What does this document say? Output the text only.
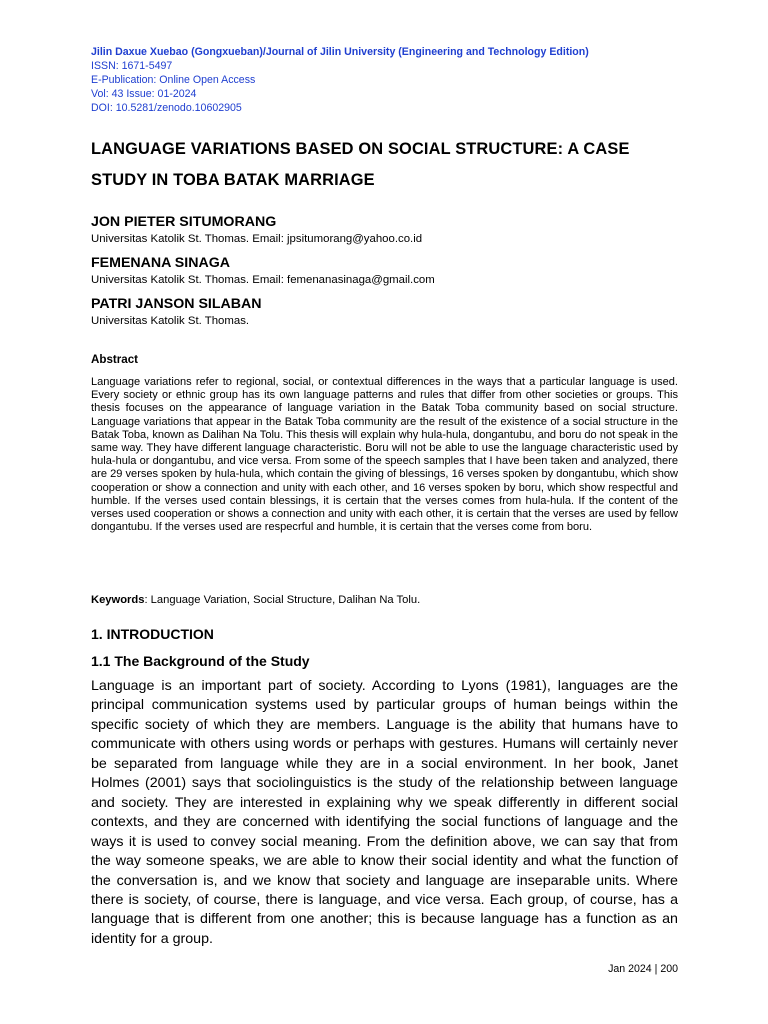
Jilin Daxue Xuebao (Gongxueban)/Journal of Jilin University (Engineering and Technology Edition)
ISSN: 1671-5497
E-Publication: Online Open Access
Vol: 43 Issue: 01-2024
DOI: 10.5281/zenodo.10602905
LANGUAGE VARIATIONS BASED ON SOCIAL STRUCTURE: A CASE STUDY IN TOBA BATAK MARRIAGE
JON PIETER SITUMORANG
Universitas Katolik St. Thomas. Email: jpsitumorang@yahoo.co.id
FEMENANA SINAGA
Universitas Katolik St. Thomas. Email: femenanasinaga@gmail.com
PATRI JANSON SILABAN
Universitas Katolik St. Thomas.
Abstract

Language variations refer to regional, social, or contextual differences in the ways that a particular language is used. Every society or ethnic group has its own language patterns and rules that differ from other societies or groups. This thesis focuses on the appearance of language variation in the Batak Toba community based on social structure. Language variations that appear in the Batak Toba community are the result of the existence of a social structure in the Batak Toba, known as Dalihan Na Tolu. This thesis will explain why hula-hula, dongantubu, and boru do not speak in the same way. They have different language characteristic. Boru will not be able to use the language characteristic used by hula-hula or dongantubu, and vice versa. From some of the speech samples that I have been taken and analyzed, there are 29 verses spoken by hula-hula, which contain the giving of blessings, 16 verses spoken by dongantubu, which show cooperation or show a connection and unity with each other, and 16 verses spoken by boru, which show respectful and humble. If the verses used contain blessings, it is certain that the verses comes from hula-hula. If the content of the verses used cooperation or shows a connection and unity with each other, it is certain that the verses are used by fellow dongantubu. If the verses used are respecrful and humble, it is certain that the verses come from boru.

Keywords: Language Variation, Social Structure, Dalihan Na Tolu.
1. INTRODUCTION
1.1 The Background of the Study

Language is an important part of society. According to Lyons (1981), languages are the principal communication systems used by particular groups of human beings within the specific society of which they are members. Language is the ability that humans have to communicate with others using words or perhaps with gestures. Humans will certainly never be separated from language while they are in a social environment. In her book, Janet Holmes (2001) says that sociolinguistics is the study of the relationship between language and society. They are interested in explaining why we speak differently in different social contexts, and they are concerned with identifying the social functions of language and the ways it is used to convey social meaning. From the definition above, we can say that from the way someone speaks, we are able to know their social identity and what the function of the conversation is, and we know that society and language are inseparable units. Where there is society, of course, there is language, and vice versa. Each group, of course, has a language that is different from one another; this is because language has a function as an identity for a group.

Jan 2024 | 200
